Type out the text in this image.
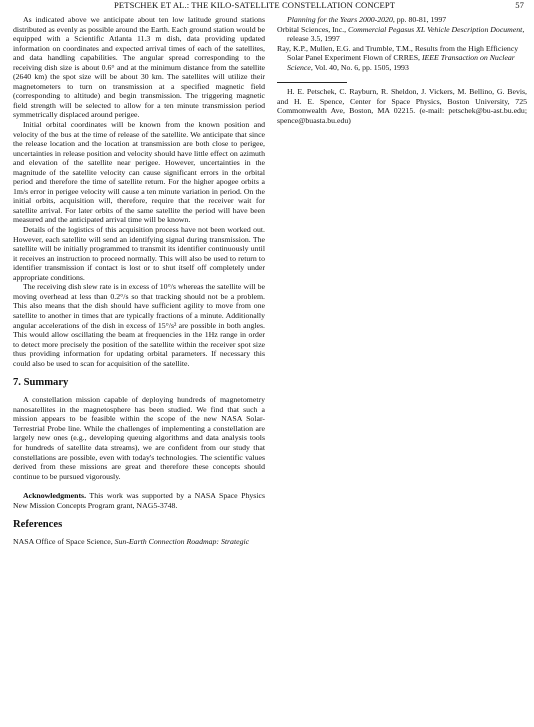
PETSCHEK ET AL.: THE KILO-SATELLITE CONSTELLATION CONCEPT	57

As indicated above we anticipate about ten low latitude ground stations distributed as evenly as possible around the Earth. Each ground station would be equipped with a Scientific Atlanta 11.3 m dish, data providing updated information on coordinates and expected arrival times of each of the satellites, and data handling capabilities. The angular spread corresponding to the receiving dish size is about 0.6° and at the minimum distance from the satellite (2640 km) the spot size will be about 30 km. The satellites will utilize their magnetometers to turn on transmission at a specified magnetic field (corresponding to altitude) and begin transmission. The triggering magnetic field strength will be selected to allow for a ten minute transmission period symmetrically displaced around perigee.

Initial orbital coordinates will be known from the known position and velocity of the bus at the time of release of the satellite. We anticipate that since the release location and the location at transmission are both close to perigee, uncertainties in release position and velocity should have little effect on azimuth and elevation of the satellite near perigee. However, uncertainties in the magnitude of the satellite velocity can cause significant errors in the orbital period and therefore the time of satellite return. For the higher apogee orbits a 1m/s error in perigee velocity will cause a ten minute variation in period. On the initial orbits, acquisition will, therefore, require that the receiver wait for satellite arrival. For later orbits of the same satellite the period will have been measured and the anticipated arrival time will be known.

Details of the logistics of this acquisition process have not been worked out. However, each satellite will send an identifying signal during transmission. The satellite will be initially programmed to transmit its identifier continuously until it receives an instruction to proceed normally. This will also be used to return to identifier transmission if contact is lost or to shut itself off completely under appropriate conditions.

The receiving dish slew rate is in excess of 10°/s whereas the satellite will be moving overhead at less than 0.2°/s so that tracking should not be a problem. This also means that the dish should have sufficient agility to move from one satellite to another in times that are typically fractions of a minute. Additionally angular accelerations of the dish in excess of 15°/s² are possible in both angles. This would allow oscillating the beam at frequencies in the 1Hz range in order to detect more precisely the position of the satellite within the receiver spot size thus providing information for updating orbital parameters. If necessary this could also be used to scan for acquisition of the satellite.

7. Summary

A constellation mission capable of deploying hundreds of magnetometry nanosatellites in the magnetosphere has been studied. We find that such a mission appears to be feasible within the scope of the new NASA Solar-Terrestrial Probe line. While the challenges of implementing a constellation are largely new ones (e.g., developing queuing algorithms and data analysis tools for hundreds of satellite data streams), we are confident from our study that constellations are possible, even with today's technologies. The scientific values derived from these missions are great and therefore these concepts should continue to be pursued vigorously.

Acknowledgments. This work was supported by a NASA Space Physics New Mission Concepts Program grant, NAG5-3748.

References

NASA Office of Space Science, Sun-Earth Connection Roadmap: Strategic

Planning for the Years 2000-2020, pp. 80-81, 1997

Orbital Sciences, Inc., Commercial Pegasus XL Vehicle Description Document, release 3.5, 1997

Ray, K.P., Mullen, E.G. and Trumble, T.M., Results from the High Efficiency Solar Panel Experiment Flown of CRRES, IEEE Transaction on Nuclear Science, Vol. 40, No. 6, pp. 1505, 1993

H. E. Petschek, C. Rayburn, R. Sheldon, J. Vickers, M. Bellino, G. Bevis, and H. E. Spence, Center for Space Physics, Boston University, 725 Commonwealth Ave, Boston, MA 02215. (e-mail: petschek@bu-ast.bu.edu; spence@buasta.bu.edu)
